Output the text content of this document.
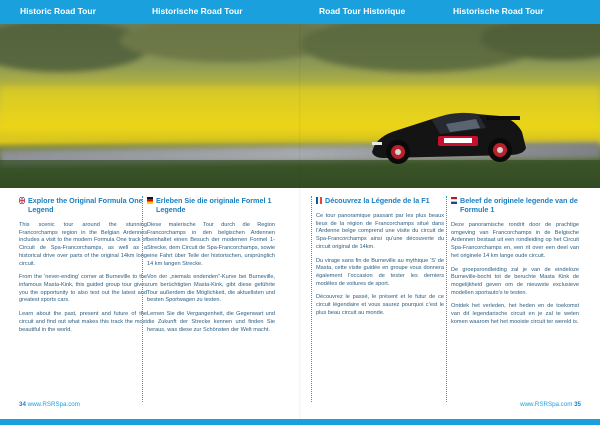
Historic Road Tour	Historische Road Tour	Road Tour Historique	Historische Road Tour
Explore the Original Formula One Legend

This scenic tour around the stunning Francorchamps region in the Belgian Ardennes includes a visit to the modern Formula One track of Circuit de Spa-Francorchamps, as well as a historical drive over parts of the original 14km long circuit.

From the ‘never-ending’ corner at Burneville to the infamous Masta-Kink, this guided group tour gives you the opportunity to also test out the latest and greatest sports cars.

Learn about the past, present and future of the circuit and find out what makes this track the most beautiful in the world.

Erleben Sie die originale Formel 1 Legende

Diese malerische Tour durch die Region Francorchamps in den belgischen Ardennen beinhaltet einen Besuch der modernen Formel 1-Strecke, dem Circuit de Spa-Francorchamps, sowie eine Fahrt über Teile der historischen, ursprünglich 14 km langen Strecke.

Von der „niemals endenden“-Kurve bei Burneville, zum berüchtigten Masta-Kink, gibt diese geführte Tour außerdem die Möglichkeit, die aktuellsten und besten Sportwagen zu testen.

Lernen Sie die Vergangenheit, die Gegenwart und die Zukunft der Strecke kennen und finden Sie heraus, was diese zur Schönsten der Welt macht.

Découvrez la Légende de la F1

Ce tour panoramique passant par les plus beaux lieux de la région de Francorchamps situé dans l’Ardenne belge comprend une visite du circuit de Spa-Francorchamps ainsi qu’une découverte du circuit original de 14km.

Du virage sans fin de Burneville au mythique ‘S’ de Masta, cette visite guidée en groupe vous donnera également l’occasion de tester les derniers modèles de voitures de sport.

Découvrez le passé, le présent et le futur de ce circuit légendaire et vous saurez pourquoi c’est le plus beau circuit au monde.

Beleef de originele legende van de Formule 1

Deze panoramische rondrit door de prachtige omgeving van Francorchamps in de Belgische Ardennen bestaat uit een rondleiding op het Circuit Spa-Francorchamps en, een rit over een deel van het originele 14 km lange oude circuit.

De groepsrondleiding zal je van de eindeloze Burneville-bocht tot de beruchte Masta Kink de mogelijkheid geven om de nieuwste exclusieve modellen sportauto’s te testen.

Ontdek het verleden, het heden en de toekomst van dit legendarische circuit en je zal te weten komen waarom het het mooiste circuit ter wereld is.

34 www.RSRSpa.com	www.RSRSpa.com 35
